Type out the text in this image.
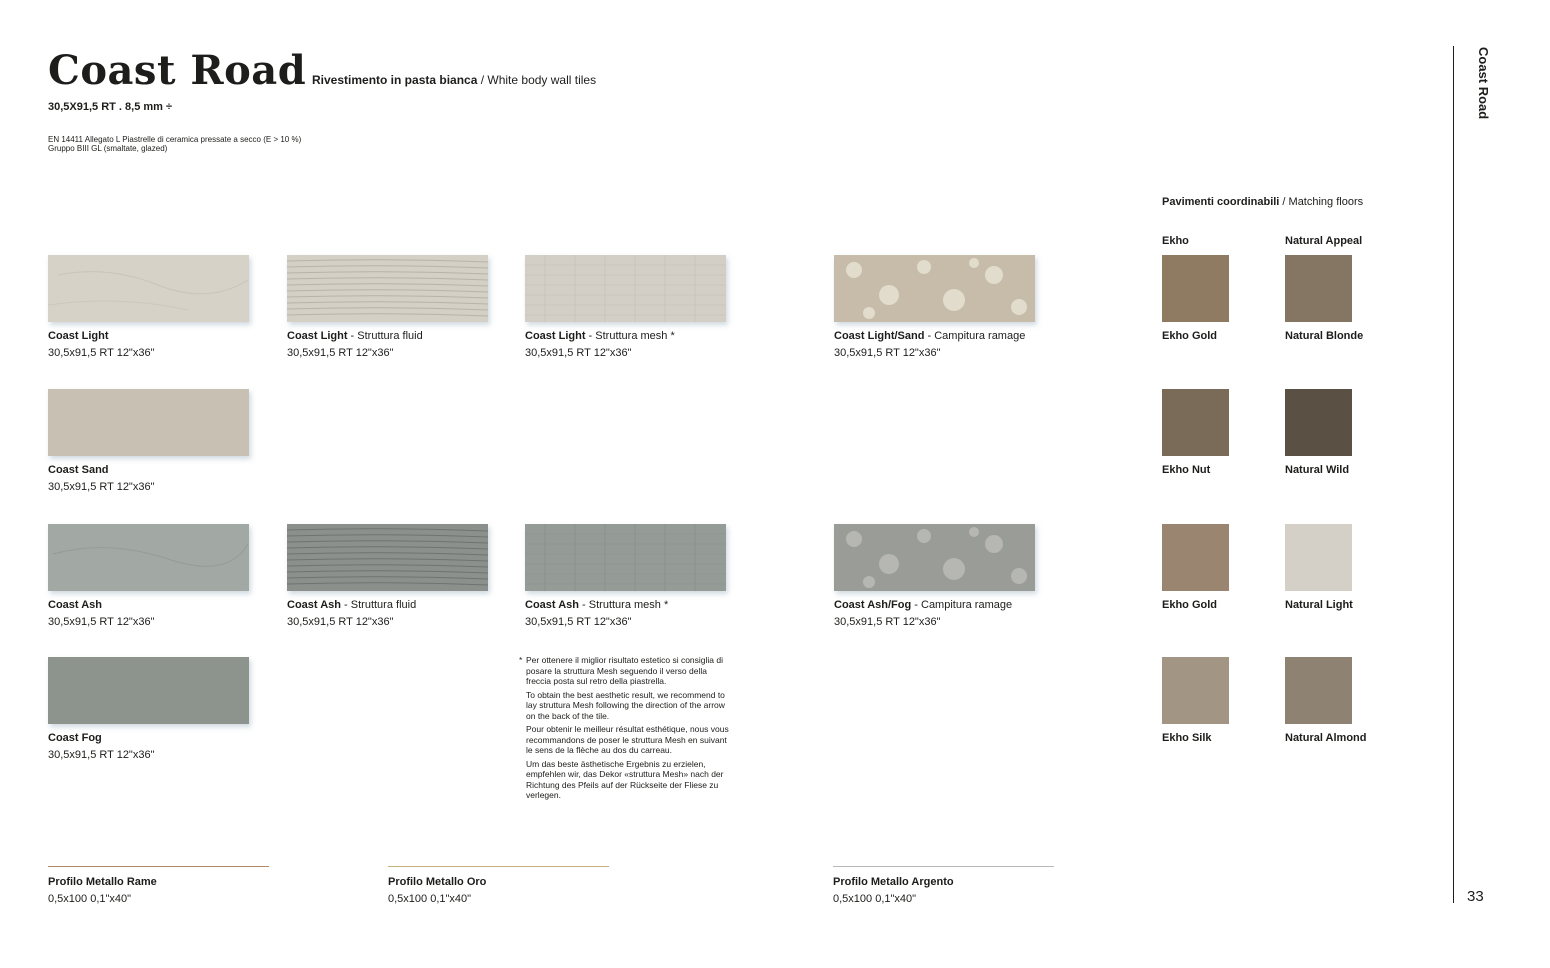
Coast Road Rivestimento in pasta bianca / White body wall tiles
30,5X91,5 RT . 8,5 mm ÷
EN 14411 Allegato L Piastrelle di ceramica pressate a secco (E > 10 %)
Gruppo BIII GL (smaltate, glazed)
Coast Light
30,5x91,5 RT 12"x36"
Coast Light - Struttura fluid
30,5x91,5 RT 12"x36"
Coast Light - Struttura mesh *
30,5x91,5 RT 12"x36"
Coast Light/Sand - Campitura ramage
30,5x91,5 RT 12"x36"
Coast Sand
30,5x91,5 RT 12"x36"
Coast Ash
30,5x91,5 RT 12"x36"
Coast Ash - Struttura fluid
30,5x91,5 RT 12"x36"
Coast Ash - Struttura mesh *
30,5x91,5 RT 12"x36"
Coast Ash/Fog - Campitura ramage
30,5x91,5 RT 12"x36"
Coast Fog
30,5x91,5 RT 12"x36"
* Per ottenere il miglior risultato estetico si consiglia di posare la struttura Mesh seguendo il verso della freccia posta sul retro della piastrella.

To obtain the best aesthetic result, we recommend to lay struttura Mesh following the direction of the arrow on the back of the tile.

Pour obtenir le meilleur résultat esthétique, nous vous recommandons de poser le struttura Mesh en suivant le sens de la flèche au dos du carreau.

Um das beste ästhetische Ergebnis zu erzielen, empfehlen wir, das Dekor «struttura Mesh» nach der Richtung des Pfeils auf der Rückseite der Fliese zu verlegen.

Pavimenti coordinabili / Matching floors
Ekho	Natural Appeal
Ekho Gold	Natural Blonde
Ekho Nut	Natural Wild
Ekho Gold	Natural Light
Ekho Silk	Natural Almond
Profilo Metallo Rame
0,5x100 0,1"x40"
Profilo Metallo Oro
0,5x100 0,1"x40"
Profilo Metallo Argento
0,5x100 0,1"x40"
Coast Road
33
